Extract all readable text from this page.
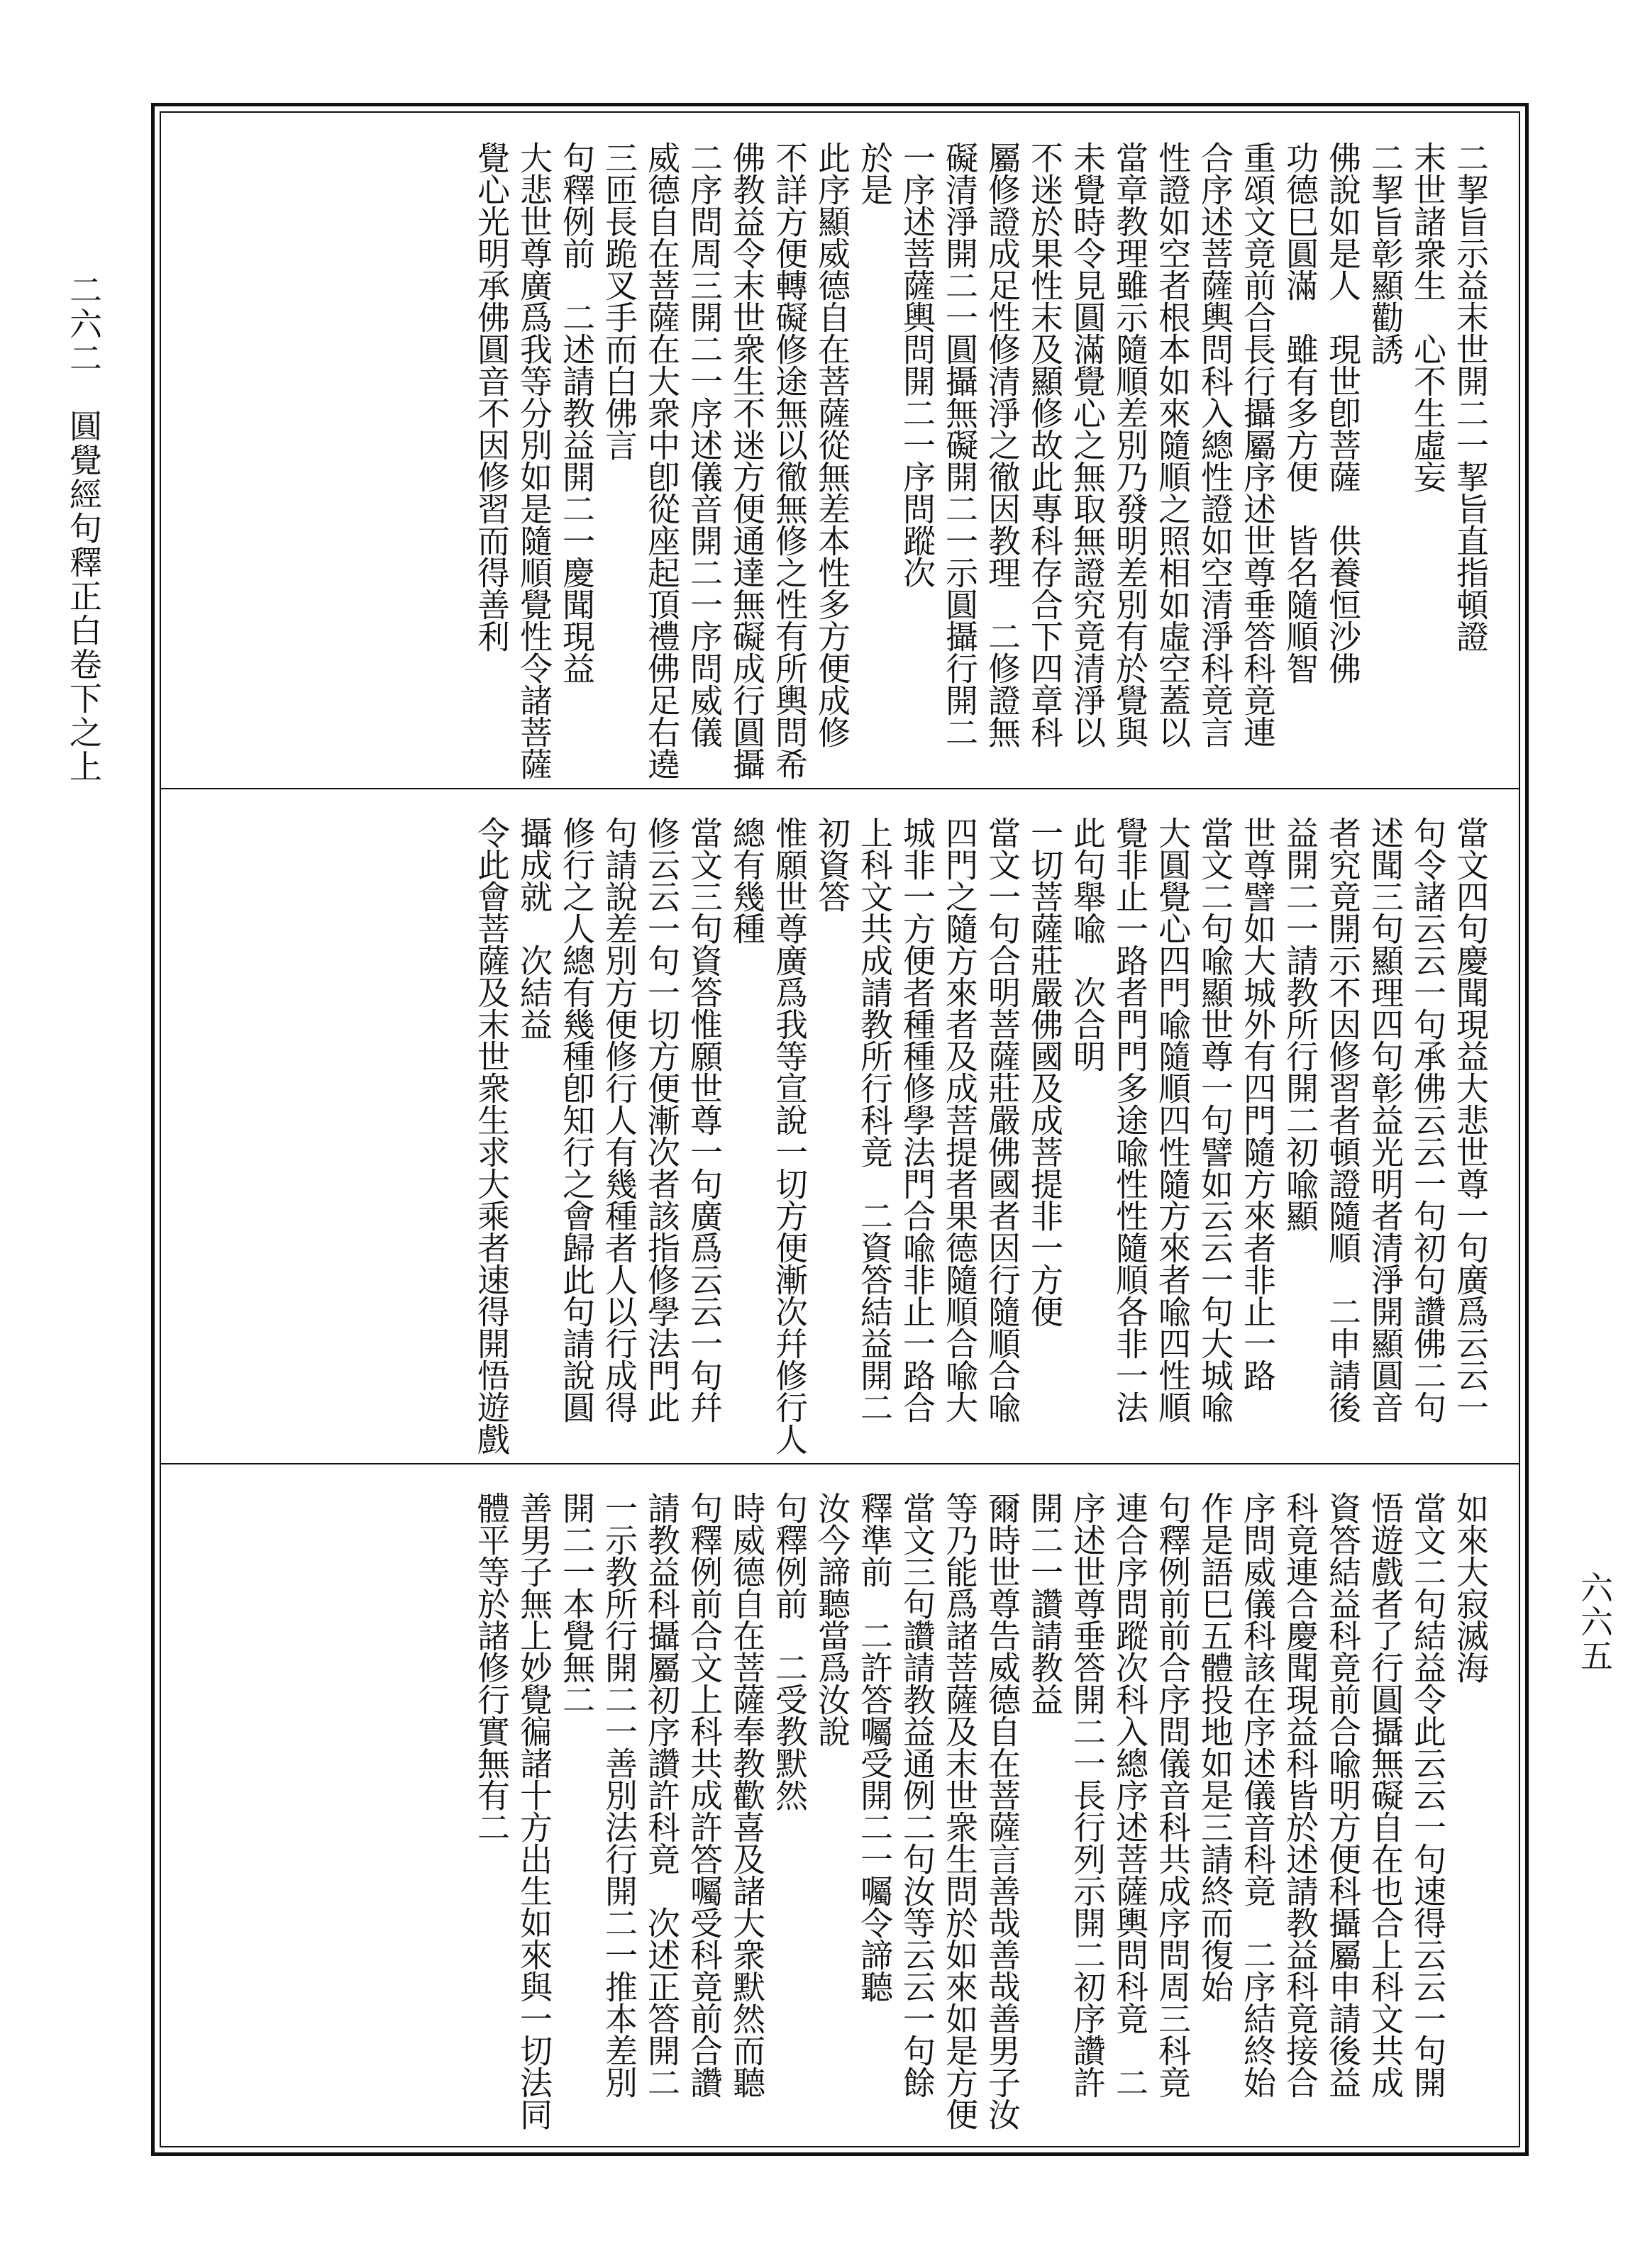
二六二　圓覺經句釋正白卷下之上
六六五
二挈旨示益末世開二一挈旨直指頓證
末世諸衆生　心不生虛妄
二挈旨彰顯勸誘
佛說如是人　現世卽菩薩　供養恒沙佛
功德巳圓滿　雖有多方便　皆名隨順智
重頌文竟前合長行攝屬序述世尊垂答科竟連
合序述菩薩輿問科入總性證如空清淨科竟言
性證如空者根本如來隨順之照相如虛空蓋以
當章教理雖示隨順差別乃發明差別有於覺與
未覺時令見圓滿覺心之無取無證究竟清淨以
不迷於果性末及顯修故此專科存合下四章科
屬修證成足性修清淨之徹因教理　二修證無
礙清淨開二一圓攝無礙開二一示圓攝行開二
一序述菩薩輿問開二一序問蹤次
於是
此序顯威德自在菩薩從無差本性多方便成修
不詳方便轉礙修途無以徹無修之性有所輿問希
佛教益令末世衆生不迷方便通達無礙成行圓攝
二序問周三開二一序述儀音開二一序問威儀
威德自在菩薩在大衆中卽從座起頂禮佛足右遶
三匝長跪叉手而白佛言
句釋例前　二述請教益開二一慶聞現益
大悲世尊廣爲我等分別如是隨順覺性令諸菩薩
覺心光明承佛圓音不因修習而得善利
當文四句慶聞現益大悲世尊一句廣爲云云一
句令諸云云一句承佛云云一句初句讚佛二句
述聞三句顯理四句彰益光明者清淨開顯圓音
者究竟開示不因修習者頓證隨順　二申請後
益開二一請教所行開二初喩顯
世尊譬如大城外有四門隨方來者非止一路
當文二句喩顯世尊一句譬如云云一句大城喩
大圓覺心四門喩隨順四性隨方來者喩四性順
覺非止一路者門門多途喩性性隨順各非一法
此句舉喩　次合明
一切菩薩莊嚴佛國及成菩提非一方便
當文一句合明菩薩莊嚴佛國者因行隨順合喩
四門之隨方來者及成菩提者果德隨順合喩大
城非一方便者種種修學法門合喩非止一路合
上科文共成請教所行科竟　二資答結益開二
初資答
惟願世尊廣爲我等宣說一切方便漸次幷修行人
總有幾種
當文三句資答惟願世尊一句廣爲云云一句幷
修云云一句一切方便漸次者該指修學法門此
句請說差別方便修行人有幾種者人以行成得
修行之人總有幾種卽知行之會歸此句請說圓
攝成就　次結益
令此會菩薩及末世衆生求大乘者速得開悟遊戲
如來大寂滅海
當文二句結益令此云云一句速得云云一句開
悟遊戲者了行圓攝無礙自在也合上科文共成
資答結益科竟前合喩明方便科攝屬申請後益
科竟連合慶聞現益科皆於述請教益科竟接合
序問威儀科該在序述儀音科竟　二序結終始
作是語巳五體投地如是三請終而復始
句釋例前前合序問儀音科共成序問周三科竟
連合序問蹤次科入總序述菩薩輿問科竟　二
序述世尊垂答開二一長行列示開二初序讚許
開二一讚請教益
爾時世尊告威德自在菩薩言善哉善哉善男子汝
等乃能爲諸菩薩及末世衆生問於如來如是方便
當文三句讚請教益通例二句汝等云云一句餘
釋準前　二許答囑受開二一囑令諦聽
汝今諦聽當爲汝說
句釋例前　二受教默然
時威德自在菩薩奉教歡喜及諸大衆默然而聽
句釋例前合文上科共成許答囑受科竟前合讚
請教益科攝屬初序讚許科竟　次述正答開二
一示教所行開二一善別法行開二一推本差別
開二一本覺無二
善男子無上妙覺徧諸十方出生如來與一切法同
體平等於諸修行實無有二
